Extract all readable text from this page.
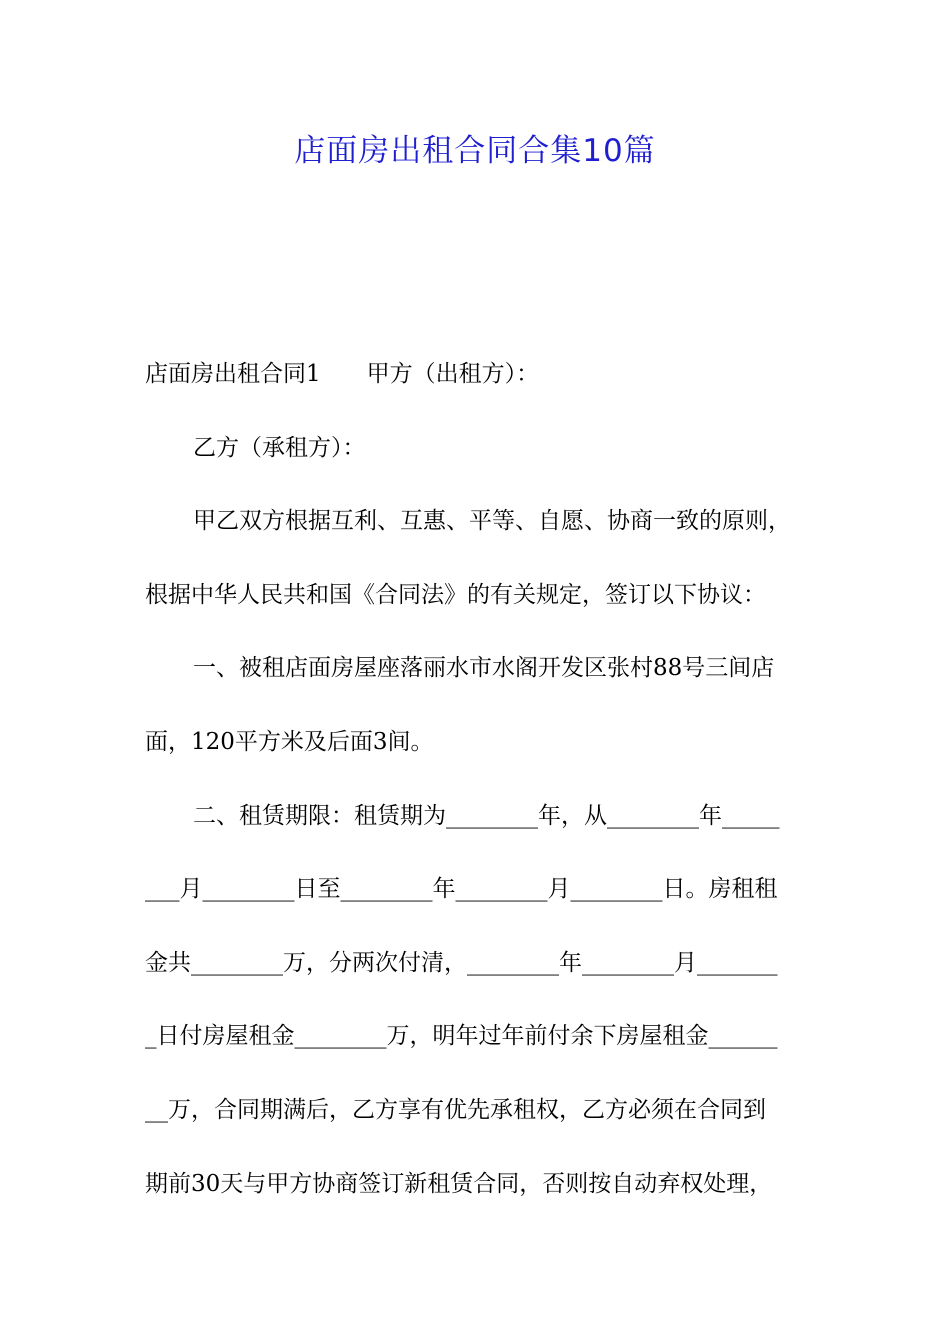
店面房出租合同合集10篇
店面房出租合同1　　甲方（出租方）：
乙方（承租方）：
甲乙双方根据互利、互惠、平等、自愿、协商一致的原则，
根据中华人民共和国《合同法》的有关规定，签订以下协议：
一、被租店面房屋座落丽水市水阁开发区张村88号三间店
面，120平方米及后面3间。
二、租赁期限：租赁期为________年，从________年_____
___月________日至________年________月________日。房租租
金共________万，分两次付清，________年________月_______
_日付房屋租金________万，明年过年前付余下房屋租金______
__万，合同期满后，乙方享有优先承租权，乙方必须在合同到
期前30天与甲方协商签订新租赁合同，否则按自动弃权处理，
